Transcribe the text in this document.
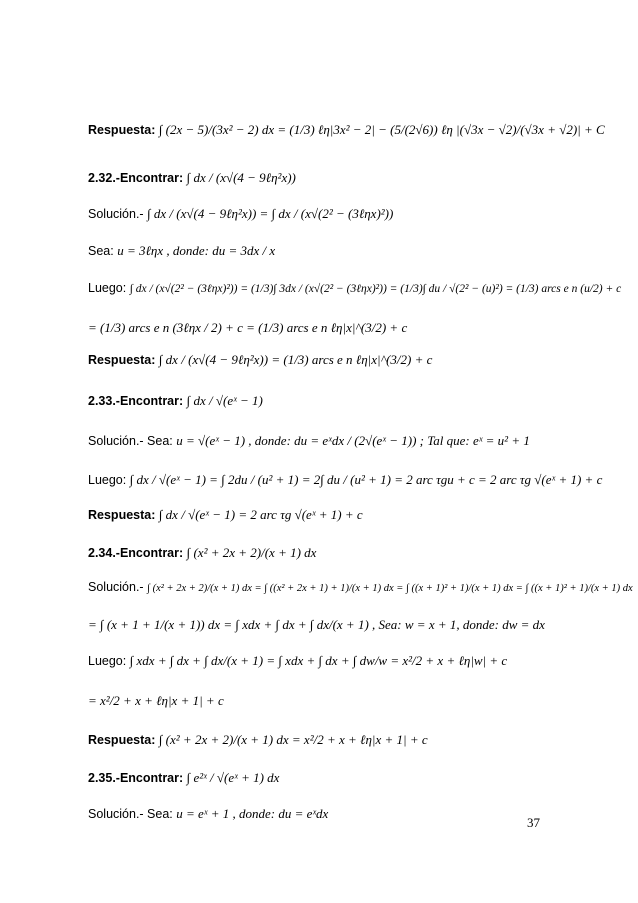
Respuesta: ∫ (2x − 5)/(3x² − 2) dx = (1/3) ℓη|3x² − 2| − (5/(2√6)) ℓη |(√3x − √2)/(√3x + √2)| + C
2.32.-Encontrar: ∫ dx / (x√(4 − 9ℓη²x))
Solución.- ∫ dx / (x√(4 − 9ℓη²x)) = ∫ dx / (x√(2² − (3ℓηx)²))
Sea: u = 3ℓηx , donde: du = 3dx / x
Luego: ∫ dx / (x√(2² − (3ℓηx)²)) = (1/3)∫ 3dx / (x√(2² − (3ℓηx)²)) = (1/3)∫ du / √(2² − (u)²) = (1/3) arcs e n (u/2) + c
= (1/3) arcs e n (3ℓηx / 2) + c = (1/3) arcs e n ℓη|x|^(3/2) + c
Respuesta: ∫ dx / (x√(4 − 9ℓη²x)) = (1/3) arcs e n ℓη|x|^(3/2) + c
2.33.-Encontrar: ∫ dx / √(eˣ − 1)
Solución.- Sea: u = √(eˣ − 1) , donde: du = eˣdx / (2√(eˣ − 1)) ; Tal que: eˣ = u² + 1
Luego: ∫ dx / √(eˣ − 1) = ∫ 2du / (u² + 1) = 2∫ du / (u² + 1) = 2 arc τgu + c = 2 arc τg √(eˣ + 1) + c
Respuesta: ∫ dx / √(eˣ − 1) = 2 arc τg √(eˣ + 1) + c
2.34.-Encontrar: ∫ (x² + 2x + 2)/(x + 1) dx
Solución.- ∫ (x² + 2x + 2)/(x + 1) dx = ∫ ((x² + 2x + 1) + 1)/(x + 1) dx = ∫ ((x + 1)² + 1)/(x + 1) dx = ∫ ((x + 1)² + 1)/(x + 1) dx
= ∫ (x + 1 + 1/(x + 1)) dx = ∫ xdx + ∫ dx + ∫ dx/(x + 1) , Sea: w = x + 1, donde: dw = dx
Luego: ∫ xdx + ∫ dx + ∫ dx/(x + 1) = ∫ xdx + ∫ dx + ∫ dw/w = x²/2 + x + ℓη|w| + c
= x²/2 + x + ℓη|x + 1| + c
Respuesta: ∫ (x² + 2x + 2)/(x + 1) dx = x²/2 + x + ℓη|x + 1| + c
2.35.-Encontrar: ∫ e²ˣ / √(eˣ + 1) dx
Solución.- Sea: u = eˣ + 1 , donde: du = eˣdx
37
